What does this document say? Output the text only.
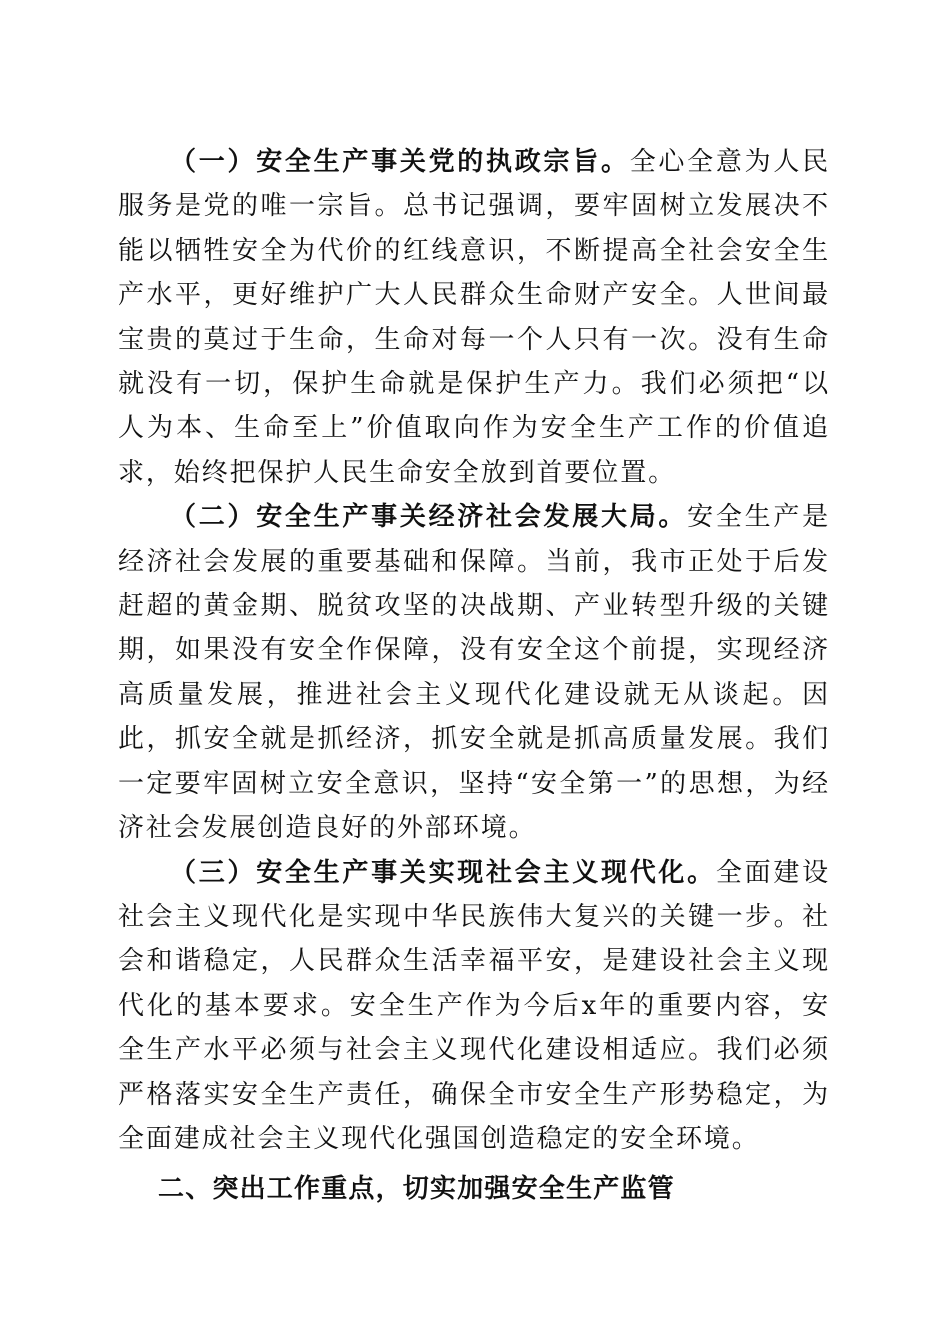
（一）安全生产事关党的执政宗旨。全心全意为人民服务是党的唯一宗旨。总书记强调，要牢固树立发展决不能以牺牲安全为代价的红线意识，不断提高全社会安全生产水平，更好维护广大人民群众生命财产安全。人世间最宝贵的莫过于生命，生命对每一个人只有一次。没有生命就没有一切，保护生命就是保护生产力。我们必须把“以人为本、生命至上”价值取向作为安全生产工作的价值追求，始终把保护人民生命安全放到首要位置。

（二）安全生产事关经济社会发展大局。安全生产是经济社会发展的重要基础和保障。当前，我市正处于后发赶超的黄金期、脱贫攻坚的决战期、产业转型升级的关键期，如果没有安全作保障，没有安全这个前提，实现经济高质量发展，推进社会主义现代化建设就无从谈起。因此，抓安全就是抓经济，抓安全就是抓高质量发展。我们一定要牢固树立安全意识，坚持“安全第一”的思想，为经济社会发展创造良好的外部环境。

（三）安全生产事关实现社会主义现代化。全面建设社会主义现代化是实现中华民族伟大复兴的关键一步。社会和谐稳定，人民群众生活幸福平安，是建设社会主义现代化的基本要求。安全生产作为今后x年的重要内容，安全生产水平必须与社会主义现代化建设相适应。我们必须严格落实安全生产责任，确保全市安全生产形势稳定，为全面建成社会主义现代化强国创造稳定的安全环境。

二、突出工作重点，切实加强安全生产监管
